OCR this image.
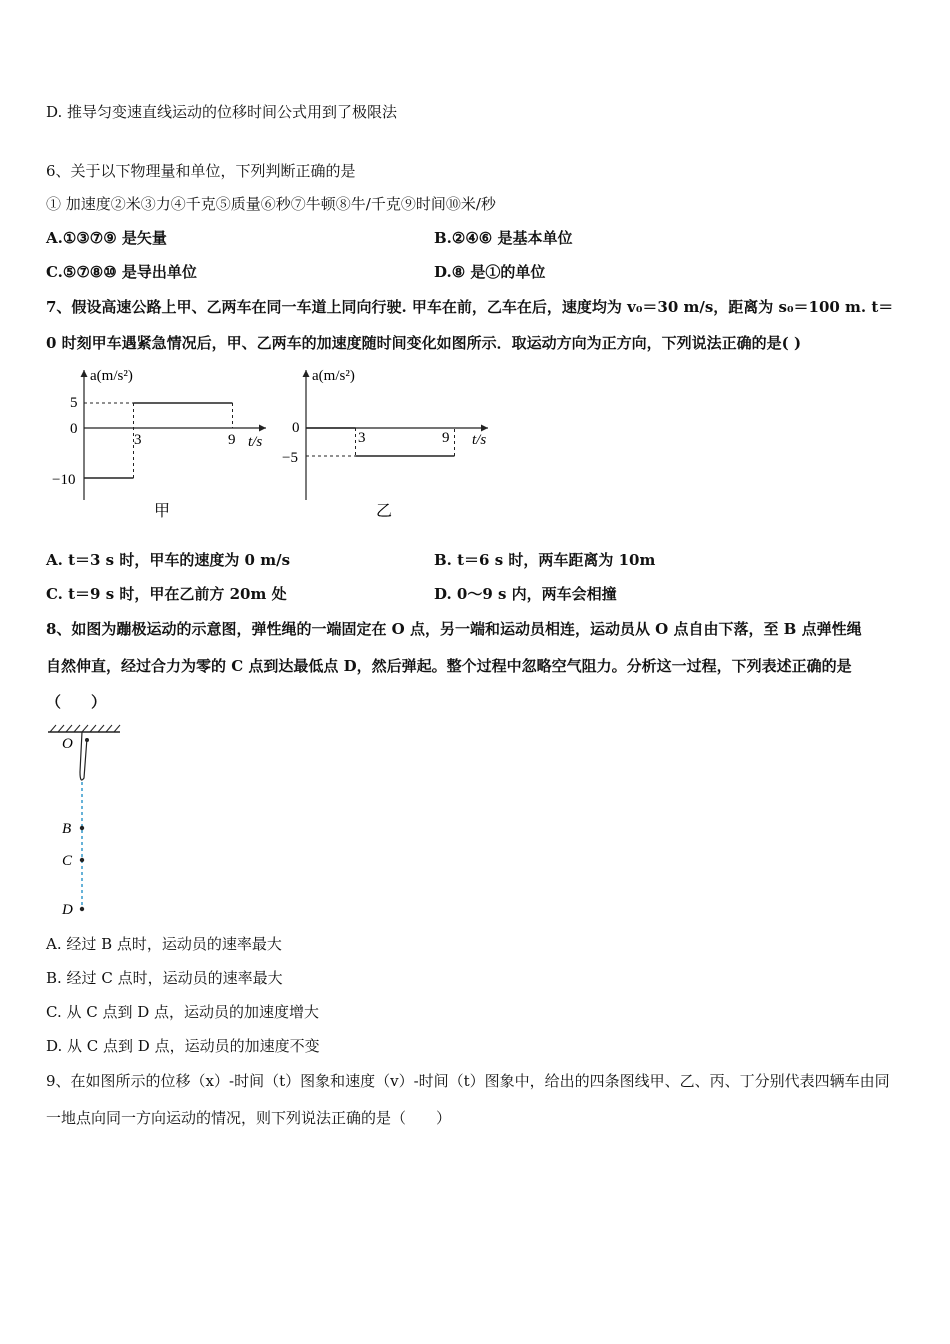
D. 推导匀变速直线运动的位移时间公式用到了极限法
6、关于以下物理量和单位，下列判断正确的是
① 加速度②米③力④千克⑤质量⑥秒⑦牛顿⑧牛/千克⑨时间⑩米/秒
A.①③⑦⑨ 是矢量	B.②④⑥ 是基本单位
C.⑤⑦⑧⑩ 是导出单位	D.⑧ 是①的单位
7、假设高速公路上甲、乙两车在同一车道上同向行驶. 甲车在前，乙车在后，速度均为 v₀＝30 m/s，距离为 s₀＝100 m. t＝
0 时刻甲车遇紧急情况后，甲、乙两车的加速度随时间变化如图所示．取运动方向为正方向，下列说法正确的是( )
a(m/s²)
t/s
5
0
−10
3	9
甲
a(m/s²)
t/s
0
−5
3	9
乙
A. t＝3 s 时，甲车的速度为 0 m/s	B. t＝6 s 时，两车距离为 10m
C. t＝9 s 时，甲在乙前方 20m 处	D. 0～9 s 内，两车会相撞
8、如图为蹦极运动的示意图，弹性绳的一端固定在 O 点，另一端和运动员相连，运动员从 O 点自由下落，至 B 点弹性绳
自然伸直，经过合力为零的 C 点到达最低点 D，然后弹起。整个过程中忽略空气阻力。分析这一过程，下列表述正确的是
（　　）
O
B
C
D
A. 经过 B 点时，运动员的速率最大
B. 经过 C 点时，运动员的速率最大
C. 从 C 点到 D 点，运动员的加速度增大
D. 从 C 点到 D 点，运动员的加速度不变
9、在如图所示的位移（x）-时间（t）图象和速度（v）-时间（t）图象中，给出的四条图线甲、乙、丙、丁分别代表四辆车由同
一地点向同一方向运动的情况，则下列说法正确的是（　　）
